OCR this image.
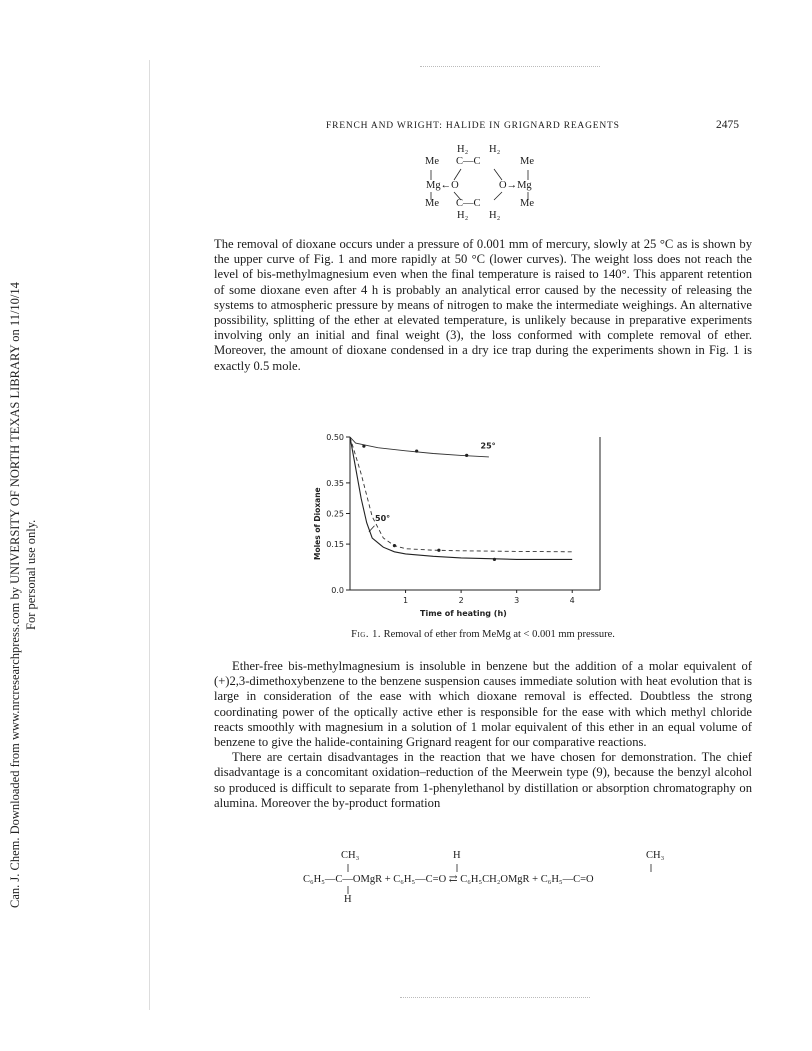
Can. J. Chem. Downloaded from www.nrcresearchpress.com by UNIVERSITY OF NORTH TEXAS LIBRARY on 11/10/14 For personal use only.
FRENCH AND WRIGHT: HALIDE IN GRIGNARD REAGENTS	2475
H₂ H₂
Me C—C	Me
Mg←O	O→Mg
Me C—C	Me
H₂ H₂

The removal of dioxane occurs under a pressure of 0.001 mm of mercury, slowly at 25 °C as is shown by the upper curve of Fig. 1 and more rapidly at 50 °C (lower curves). The weight loss does not reach the level of bis-methylmagnesium even when the final temperature is raised to 140°. This apparent retention of some dioxane even after 4 h is probably an analytical error caused by the necessity of releasing the systems to atmospheric pressure by means of nitrogen to make the intermediate weighings. An alternative possibility, splitting of the ether at elevated temperature, is unlikely because in preparative experiments involving only an initial and final weight (3), the loss conformed with complete removal of ether. Moreover, the amount of dioxane condensed in a dry ice trap during the experiments shown in Fig. 1 is exactly 0.5 mole.

0.50
0.35
0.25
0.15
0.0
1	2	3	4
Time of heating (h)
Moles of Dioxane
25°
50°
Fig. 1. Removal of ether from MeMg at < 0.001 mm pressure.

Ether-free bis-methylmagnesium is insoluble in benzene but the addition of a molar equivalent of (+)2,3-dimethoxybenzene to the benzene suspension causes immediate solution with heat evolution that is large in consideration of the ease with which dioxane removal is effected. Doubtless the strong coordinating power of the optically active ether is responsible for the ease with which methyl chloride reacts smoothly with magnesium in a solution of 1 molar equivalent of this ether in an equal volume of benzene to give the halide-containing Grignard reagent for our comparative reactions.

There are certain disadvantages in the reaction that we have chosen for demonstration. The chief disadvantage is a concomitant oxidation–reduction of the Meerwein type (9), because the benzyl alcohol so produced is difficult to separate from 1-phenylethanol by distillation or absorption chromatography on alumina. Moreover the by-product formation

CH₃	H	CH₃
C₆H₅—C—OMgR + C₆H₅—C=O ⇄ C₆H₅CH₂OMgR + C₆H₅—C=O
H
